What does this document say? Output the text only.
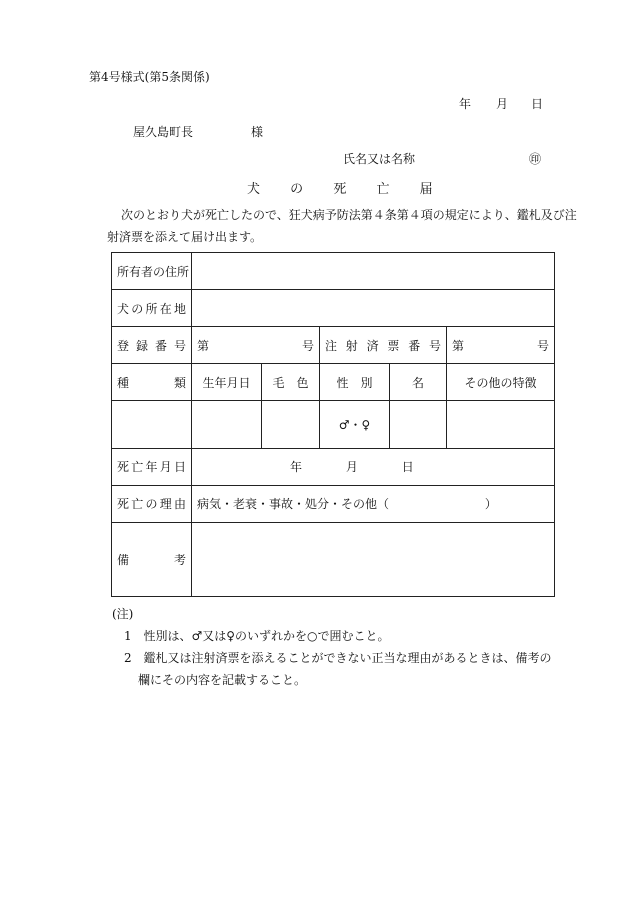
第4号様式(第5条関係)
年 月 日
屋久島町長	様
氏名又は名称	㊞
犬 の 死 亡 届
次のとおり犬が死亡したので、狂犬病予防法第４条第４項の規定により、鑑札及び注
射済票を添えて届け出ます。
所有者の住所					
犬の所在地					
登録番号	第 号		注射済票番号		第 号

種類	生年月日	毛　色	性　別	名	その他の特徴
			♂・♀		
死亡年月日	年 月 日				
死亡の理由	病気・老衰・事故・処分・その他（ ）				
備考					
(注)
1 性別は、♂又は♀のいずれかを○で囲むこと。
2 鑑札又は注射済票を添えることができない正当な理由があるときは、備考の欄にその内容を記載すること。
